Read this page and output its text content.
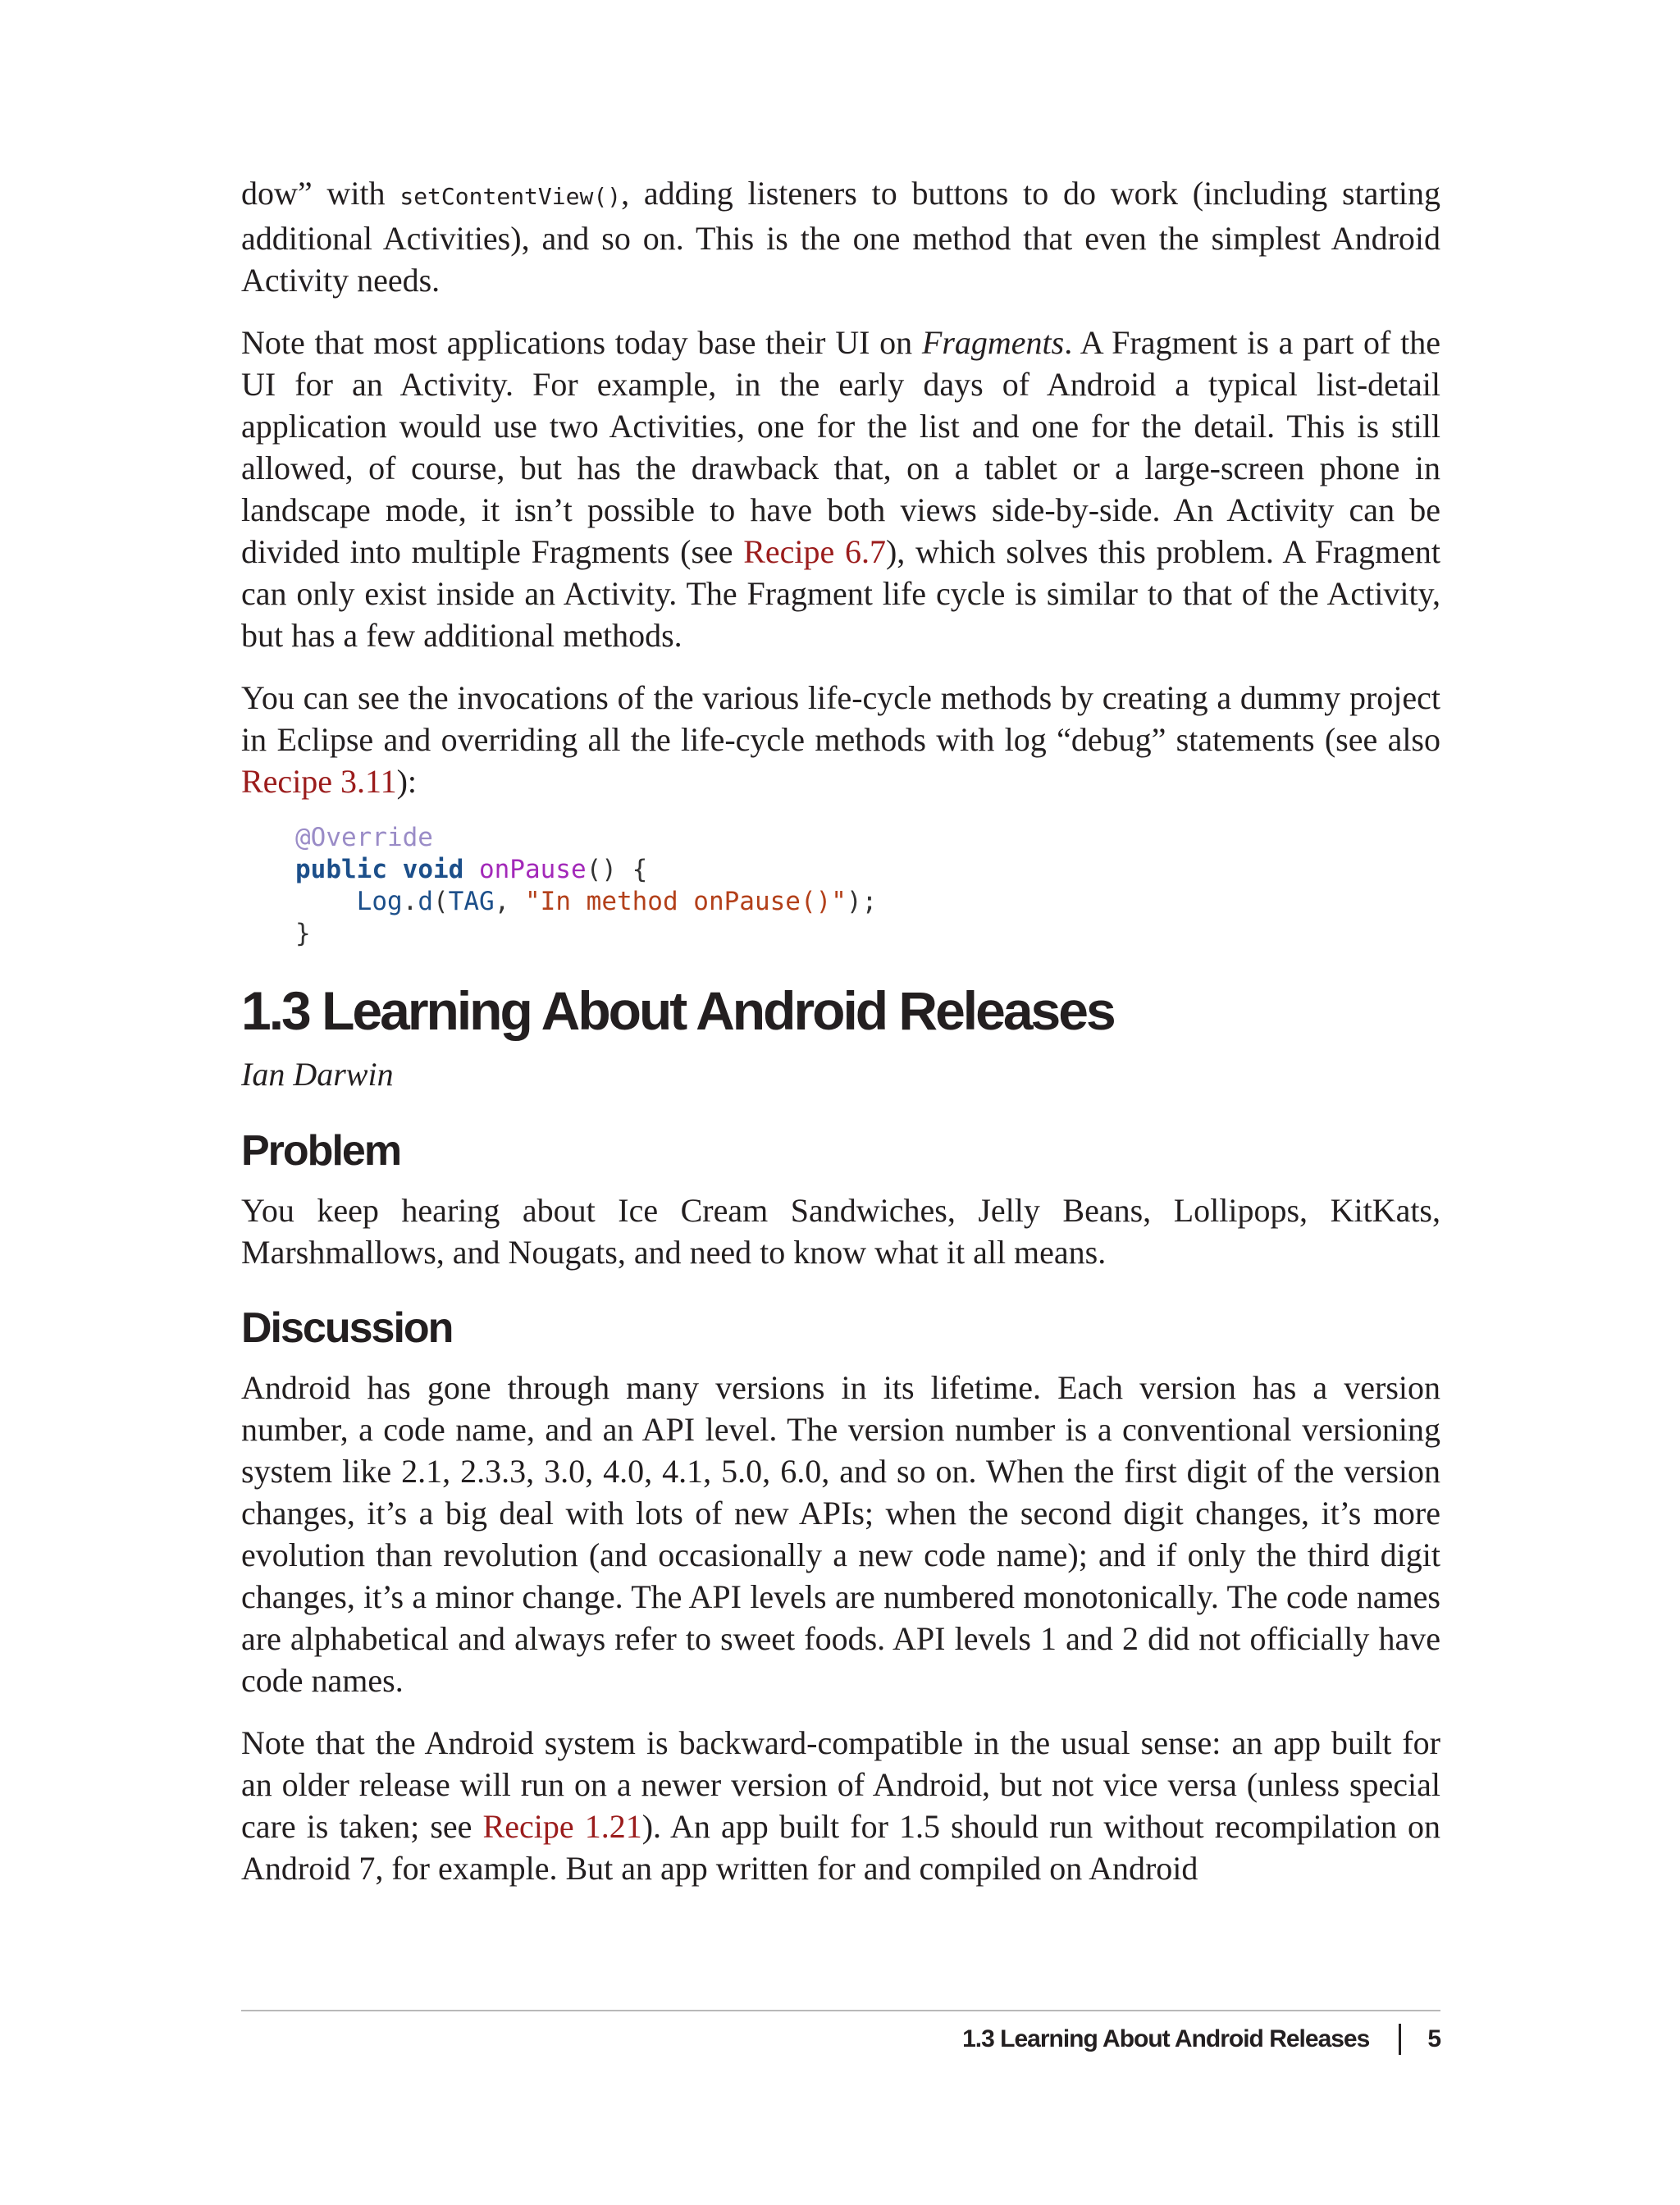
dow” with setContentView(), adding listeners to buttons to do work (including starting additional Activities), and so on. This is the one method that even the simplest Android Activity needs.

Note that most applications today base their UI on Fragments. A Fragment is a part of the UI for an Activity. For example, in the early days of Android a typical list-detail application would use two Activities, one for the list and one for the detail. This is still allowed, of course, but has the drawback that, on a tablet or a large-screen phone in landscape mode, it isn’t possible to have both views side-by-side. An Activity can be divided into multiple Fragments (see Recipe 6.7), which solves this problem. A Fragment can only exist inside an Activity. The Fragment life cycle is similar to that of the Activity, but has a few additional methods.

You can see the invocations of the various life-cycle methods by creating a dummy project in Eclipse and overriding all the life-cycle methods with log “debug” statements (see also Recipe 3.11):

@Override
public void onPause() {
Log.d(TAG, "In method onPause()");
}
1.3 Learning About Android Releases
Ian Darwin
Problem

You keep hearing about Ice Cream Sandwiches, Jelly Beans, Lollipops, KitKats, Marshmallows, and Nougats, and need to know what it all means.

Discussion

Android has gone through many versions in its lifetime. Each version has a version number, a code name, and an API level. The version number is a conventional versioning system like 2.1, 2.3.3, 3.0, 4.0, 4.1, 5.0, 6.0, and so on. When the first digit of the version changes, it’s a big deal with lots of new APIs; when the second digit changes, it’s more evolution than revolution (and occasionally a new code name); and if only the third digit changes, it’s a minor change. The API levels are numbered monotonically. The code names are alphabetical and always refer to sweet foods. API levels 1 and 2 did not officially have code names.

Note that the Android system is backward-compatible in the usual sense: an app built for an older release will run on a newer version of Android, but not vice versa (unless special care is taken; see Recipe 1.21). An app built for 1.5 should run without recompilation on Android 7, for example. But an app written for and compiled on Android

1.3 Learning About Android Releases 5
